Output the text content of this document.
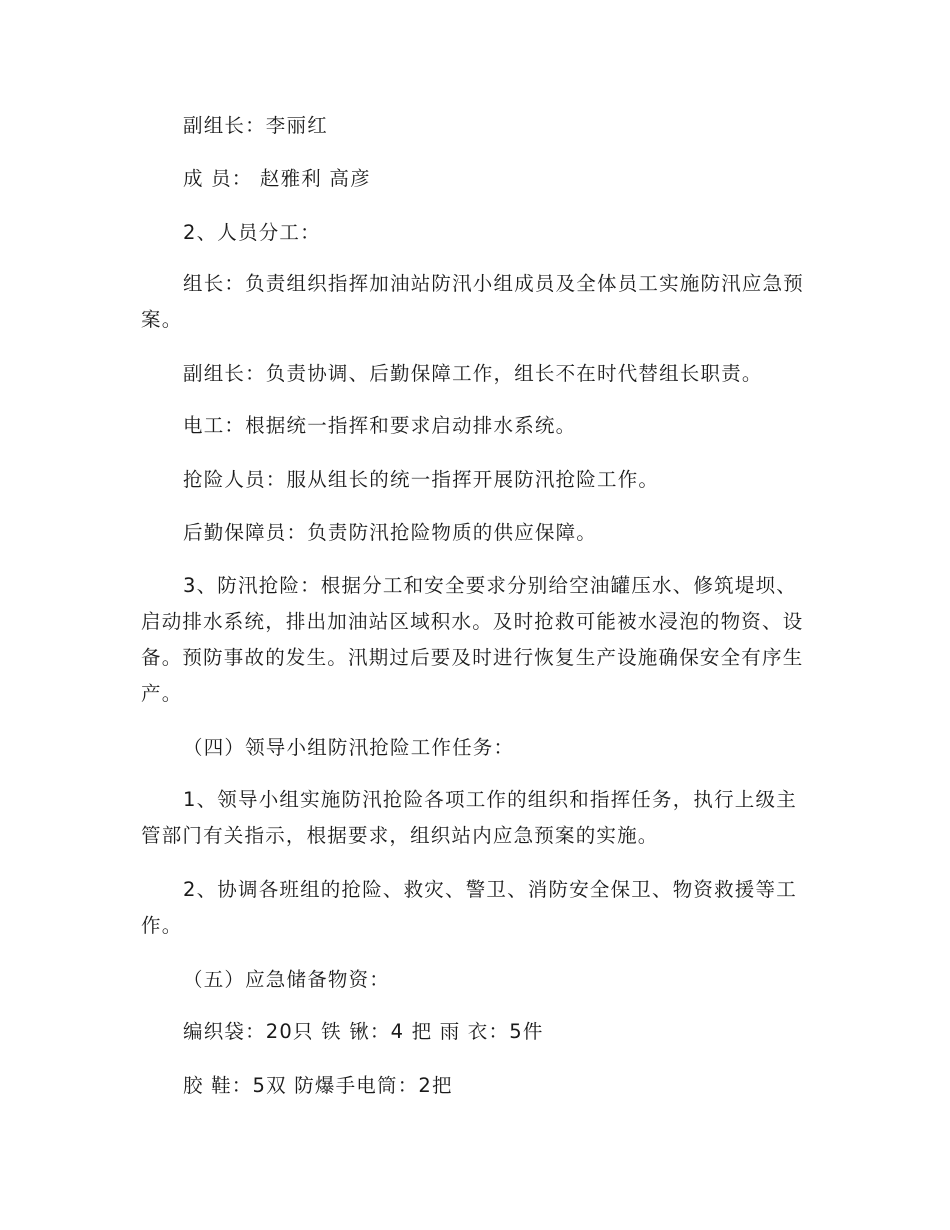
副组长：李丽红

成 员： 赵雅利 高彦

2、人员分工：

组长：负责组织指挥加油站防汛小组成员及全体员工实施防汛应急预案。

副组长：负责协调、后勤保障工作，组长不在时代替组长职责。

电工：根据统一指挥和要求启动排水系统。

抢险人员：服从组长的统一指挥开展防汛抢险工作。

后勤保障员：负责防汛抢险物质的供应保障。

3、防汛抢险：根据分工和安全要求分别给空油罐压水、修筑堤坝、启动排水系统，排出加油站区域积水。及时抢救可能被水浸泡的物资、设备。预防事故的发生。汛期过后要及时进行恢复生产设施确保安全有序生产。

（四）领导小组防汛抢险工作任务：

1、领导小组实施防汛抢险各项工作的组织和指挥任务，执行上级主管部门有关指示，根据要求，组织站内应急预案的实施。

2、协调各班组的抢险、救灾、警卫、消防安全保卫、物资救援等工作。

（五）应急储备物资：

编织袋：20只 铁 锹：4 把 雨 衣：5件

胶 鞋：5双 防爆手电筒：2把
